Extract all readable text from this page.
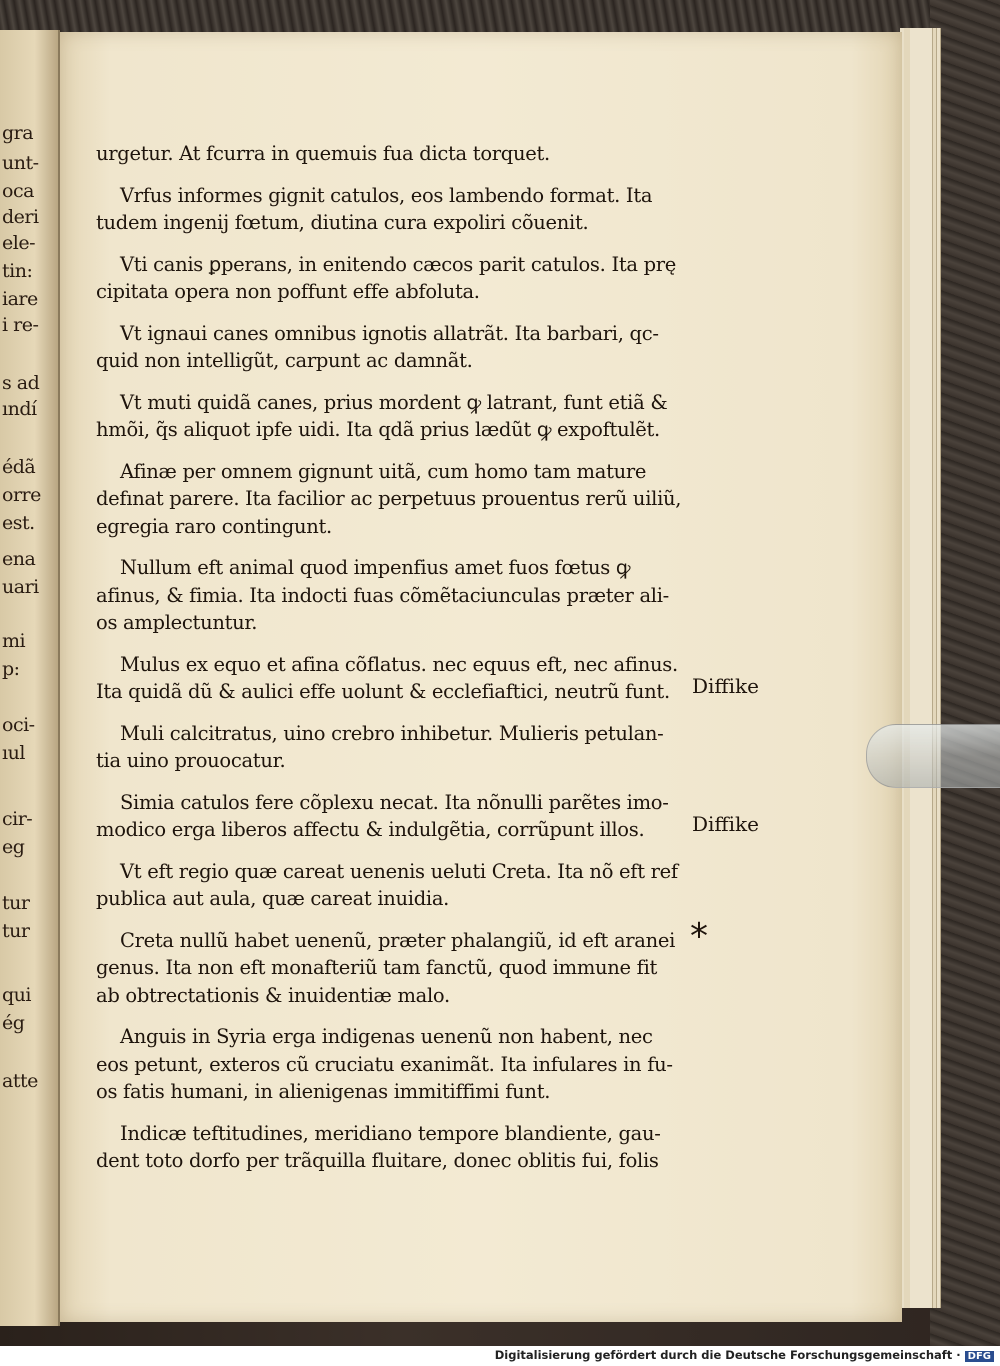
gra
unt-
oca
deri
ele-
tin:
iare
i re-
s ad
ındí
édã
orre
est.
ena
uari
mi
p:
oci-
ıul
cir-
eg
tur
tur
qui
ég
atte
urgetur. At fcurra in quemuis fua dicta torquet.
Vrfus informes gignit catulos, eos lambendo format. Ita
tudem ingenij fœtum, diutina cura expoliri cõuenit.
Vti canis ꝑperans, in enitendo cæcos parit catulos. Ita prę
cipitata opera non poffunt effe abfoluta.
Vt ignaui canes omnibus ignotis allatrãt. Ita barbari, qc-
quid non intelligũt, carpunt ac damnãt.
Vt muti quidã canes, prius mordent ꝙ latrant, funt etiã &
hmõi, q̃s aliquot ipfe uidi. Ita qdã prius lædũt ꝙ expoftulẽt.
Afinæ per omnem gignunt uitã, cum homo tam mature
defınat parere. Ita facilior ac perpetuus prouentus rerũ uiliũ,
egregia raro contingunt.
Nullum eft animal quod impenfius amet fuos fœtus ꝙ
afinus, & fimia. Ita indocti fuas cõmẽtaciunculas præter ali-
os amplectuntur.
Mulus ex equo et afina cõflatus. nec equus eft, nec afinus.
Ita quidã dũ & aulici effe uolunt & ecclefiaftici, neutrũ funt.
Muli calcitratus, uino crebro inhibetur. Mulieris petulan-
tia uino prouocatur.
Simia catulos fere cõplexu necat. Ita nõnulli parẽtes imo-
modico erga liberos affectu & indulgẽtia, corrũpunt illos.
Vt eft regio quæ careat uenenis ueluti Creta. Ita nõ eft ref
publica aut aula, quæ careat inuidia.
Creta nullũ habet uenenũ, præter phalangiũ, id eft aranei
genus. Ita non eft monafteriũ tam fanctũ, quod immune fit
ab obtrectationis & inuidentiæ malo.
Anguis in Syria erga indigenas uenenũ non habent, nec
eos petunt, exteros cũ cruciatu exanimãt. Ita infulares in fu-
os fatis humani, in alienigenas immitiffimi funt.
Indicæ teftitudines, meridiano tempore blandiente, gau-
dent toto dorfo per trãquilla fluitare, donec oblitis fui, folis
Diffike
Diffike
*
Digitalisierung gefördert durch die Deutsche Forschungsgemeinschaft · DFG
